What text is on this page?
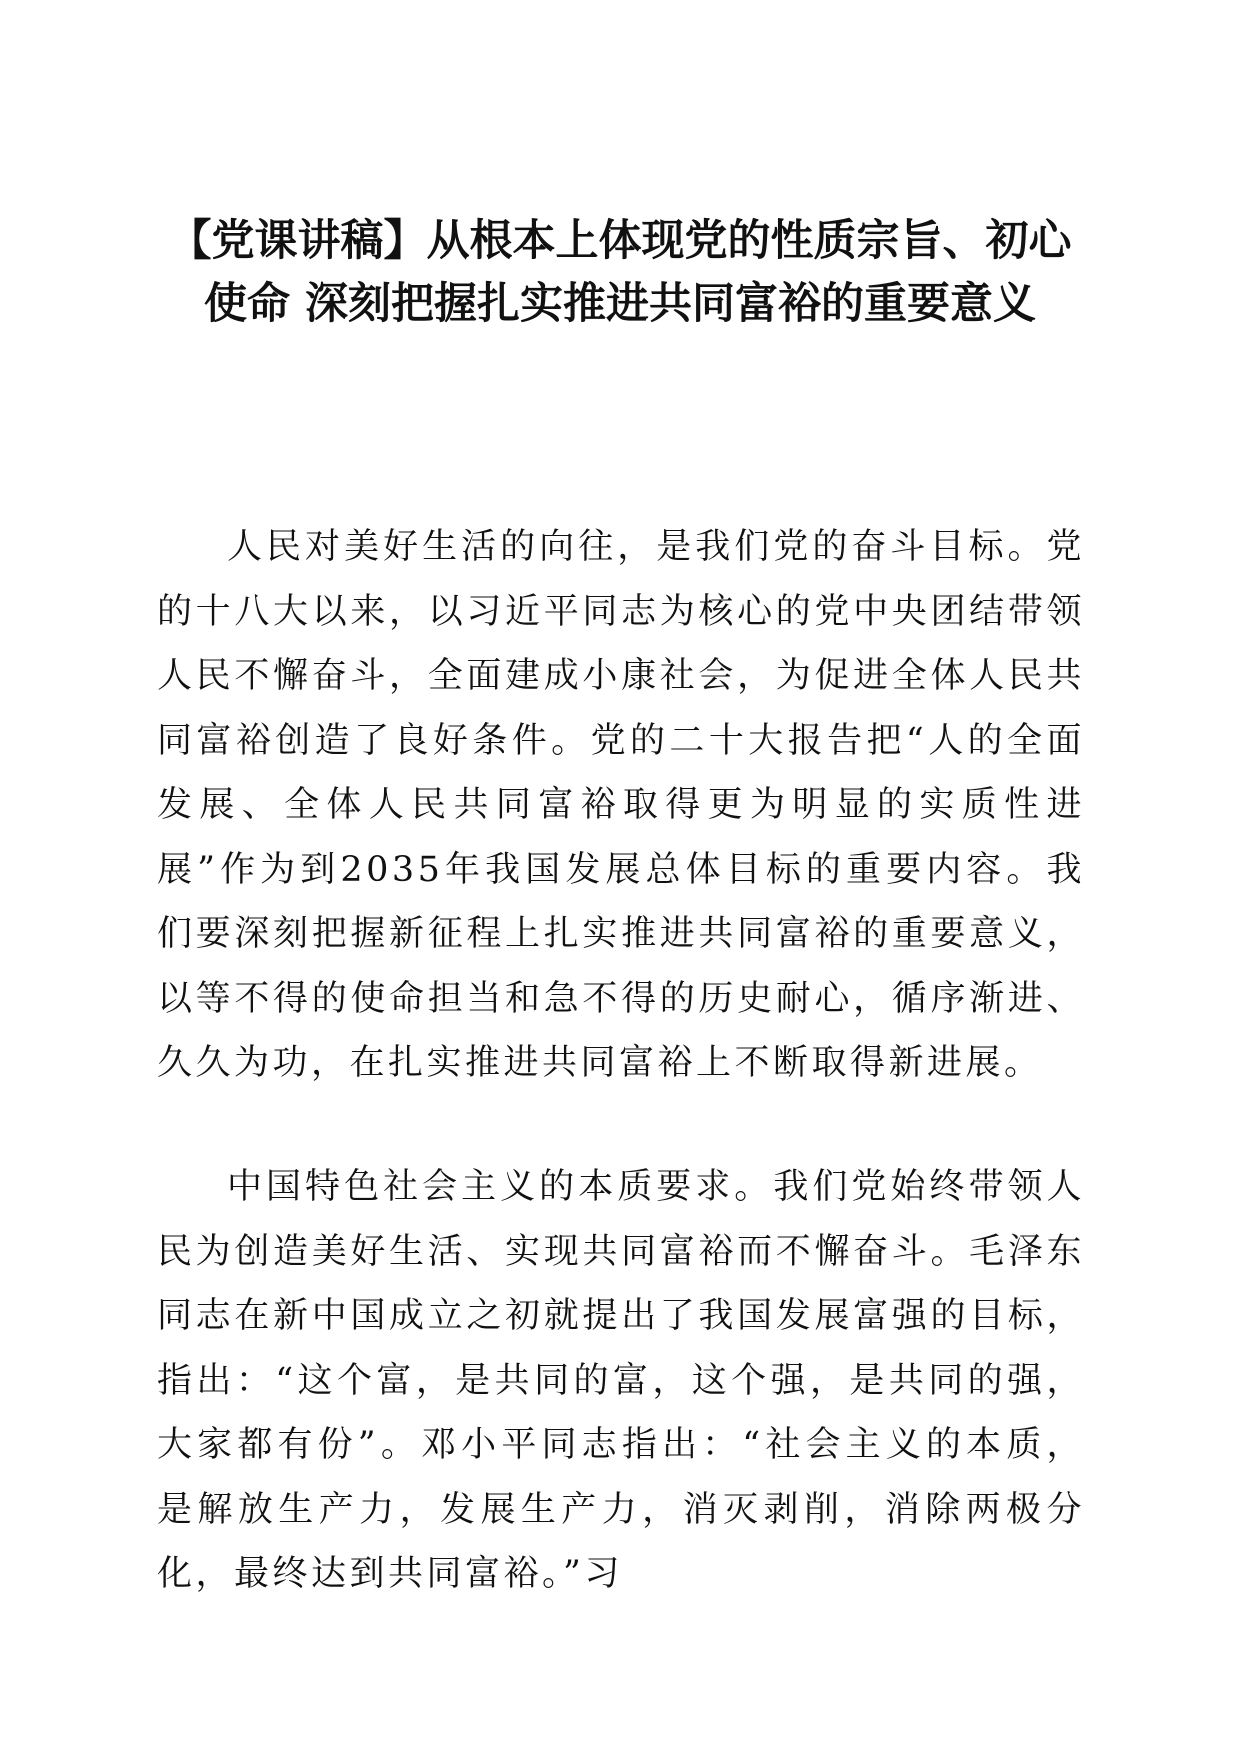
【党课讲稿】从根本上体现党的性质宗旨、初心使命 深刻把握扎实推进共同富裕的重要意义

人民对美好生活的向往，是我们党的奋斗目标。党的十八大以来，以习近平同志为核心的党中央团结带领人民不懈奋斗，全面建成小康社会，为促进全体人民共同富裕创造了良好条件。党的二十大报告把“人的全面发展、全体人民共同富裕取得更为明显的实质性进展”作为到2035年我国发展总体目标的重要内容。我们要深刻把握新征程上扎实推进共同富裕的重要意义，以等不得的使命担当和急不得的历史耐心，循序渐进、久久为功，在扎实推进共同富裕上不断取得新进展。

中国特色社会主义的本质要求。我们党始终带领人民为创造美好生活、实现共同富裕而不懈奋斗。毛泽东同志在新中国成立之初就提出了我国发展富强的目标，指出：“这个富，是共同的富，这个强，是共同的强，大家都有份”。邓小平同志指出：“社会主义的本质，是解放生产力，发展生产力，消灭剥削，消除两极分化，最终达到共同富裕。”习
